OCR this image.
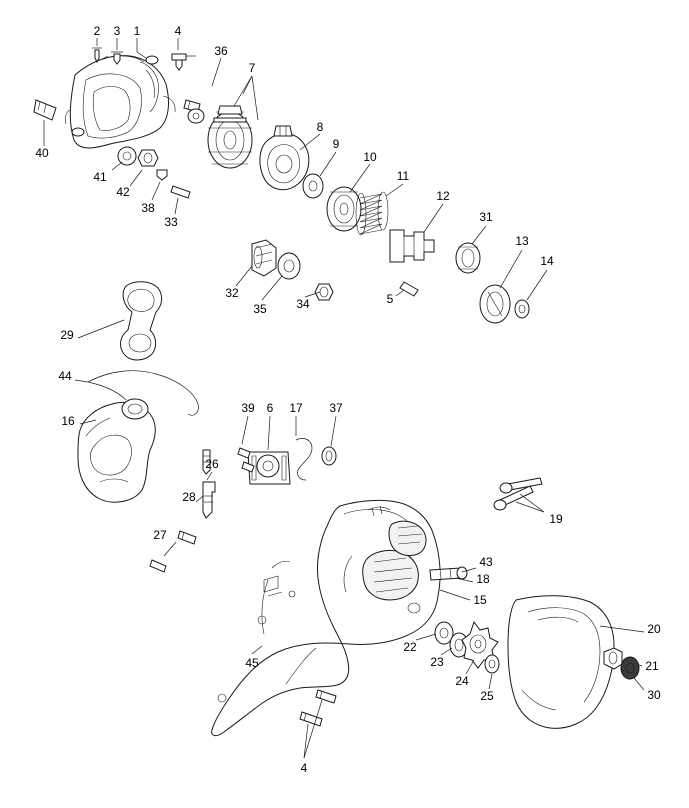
2 3 1	4
36
7
8
9
10
11
12
31
13
14
40
41
42
38
33
32
35 34	5
29
44
16
39 6 17 37
26
28
27
19
43
18
15
20
21
30
22
23
24
25
45
4
